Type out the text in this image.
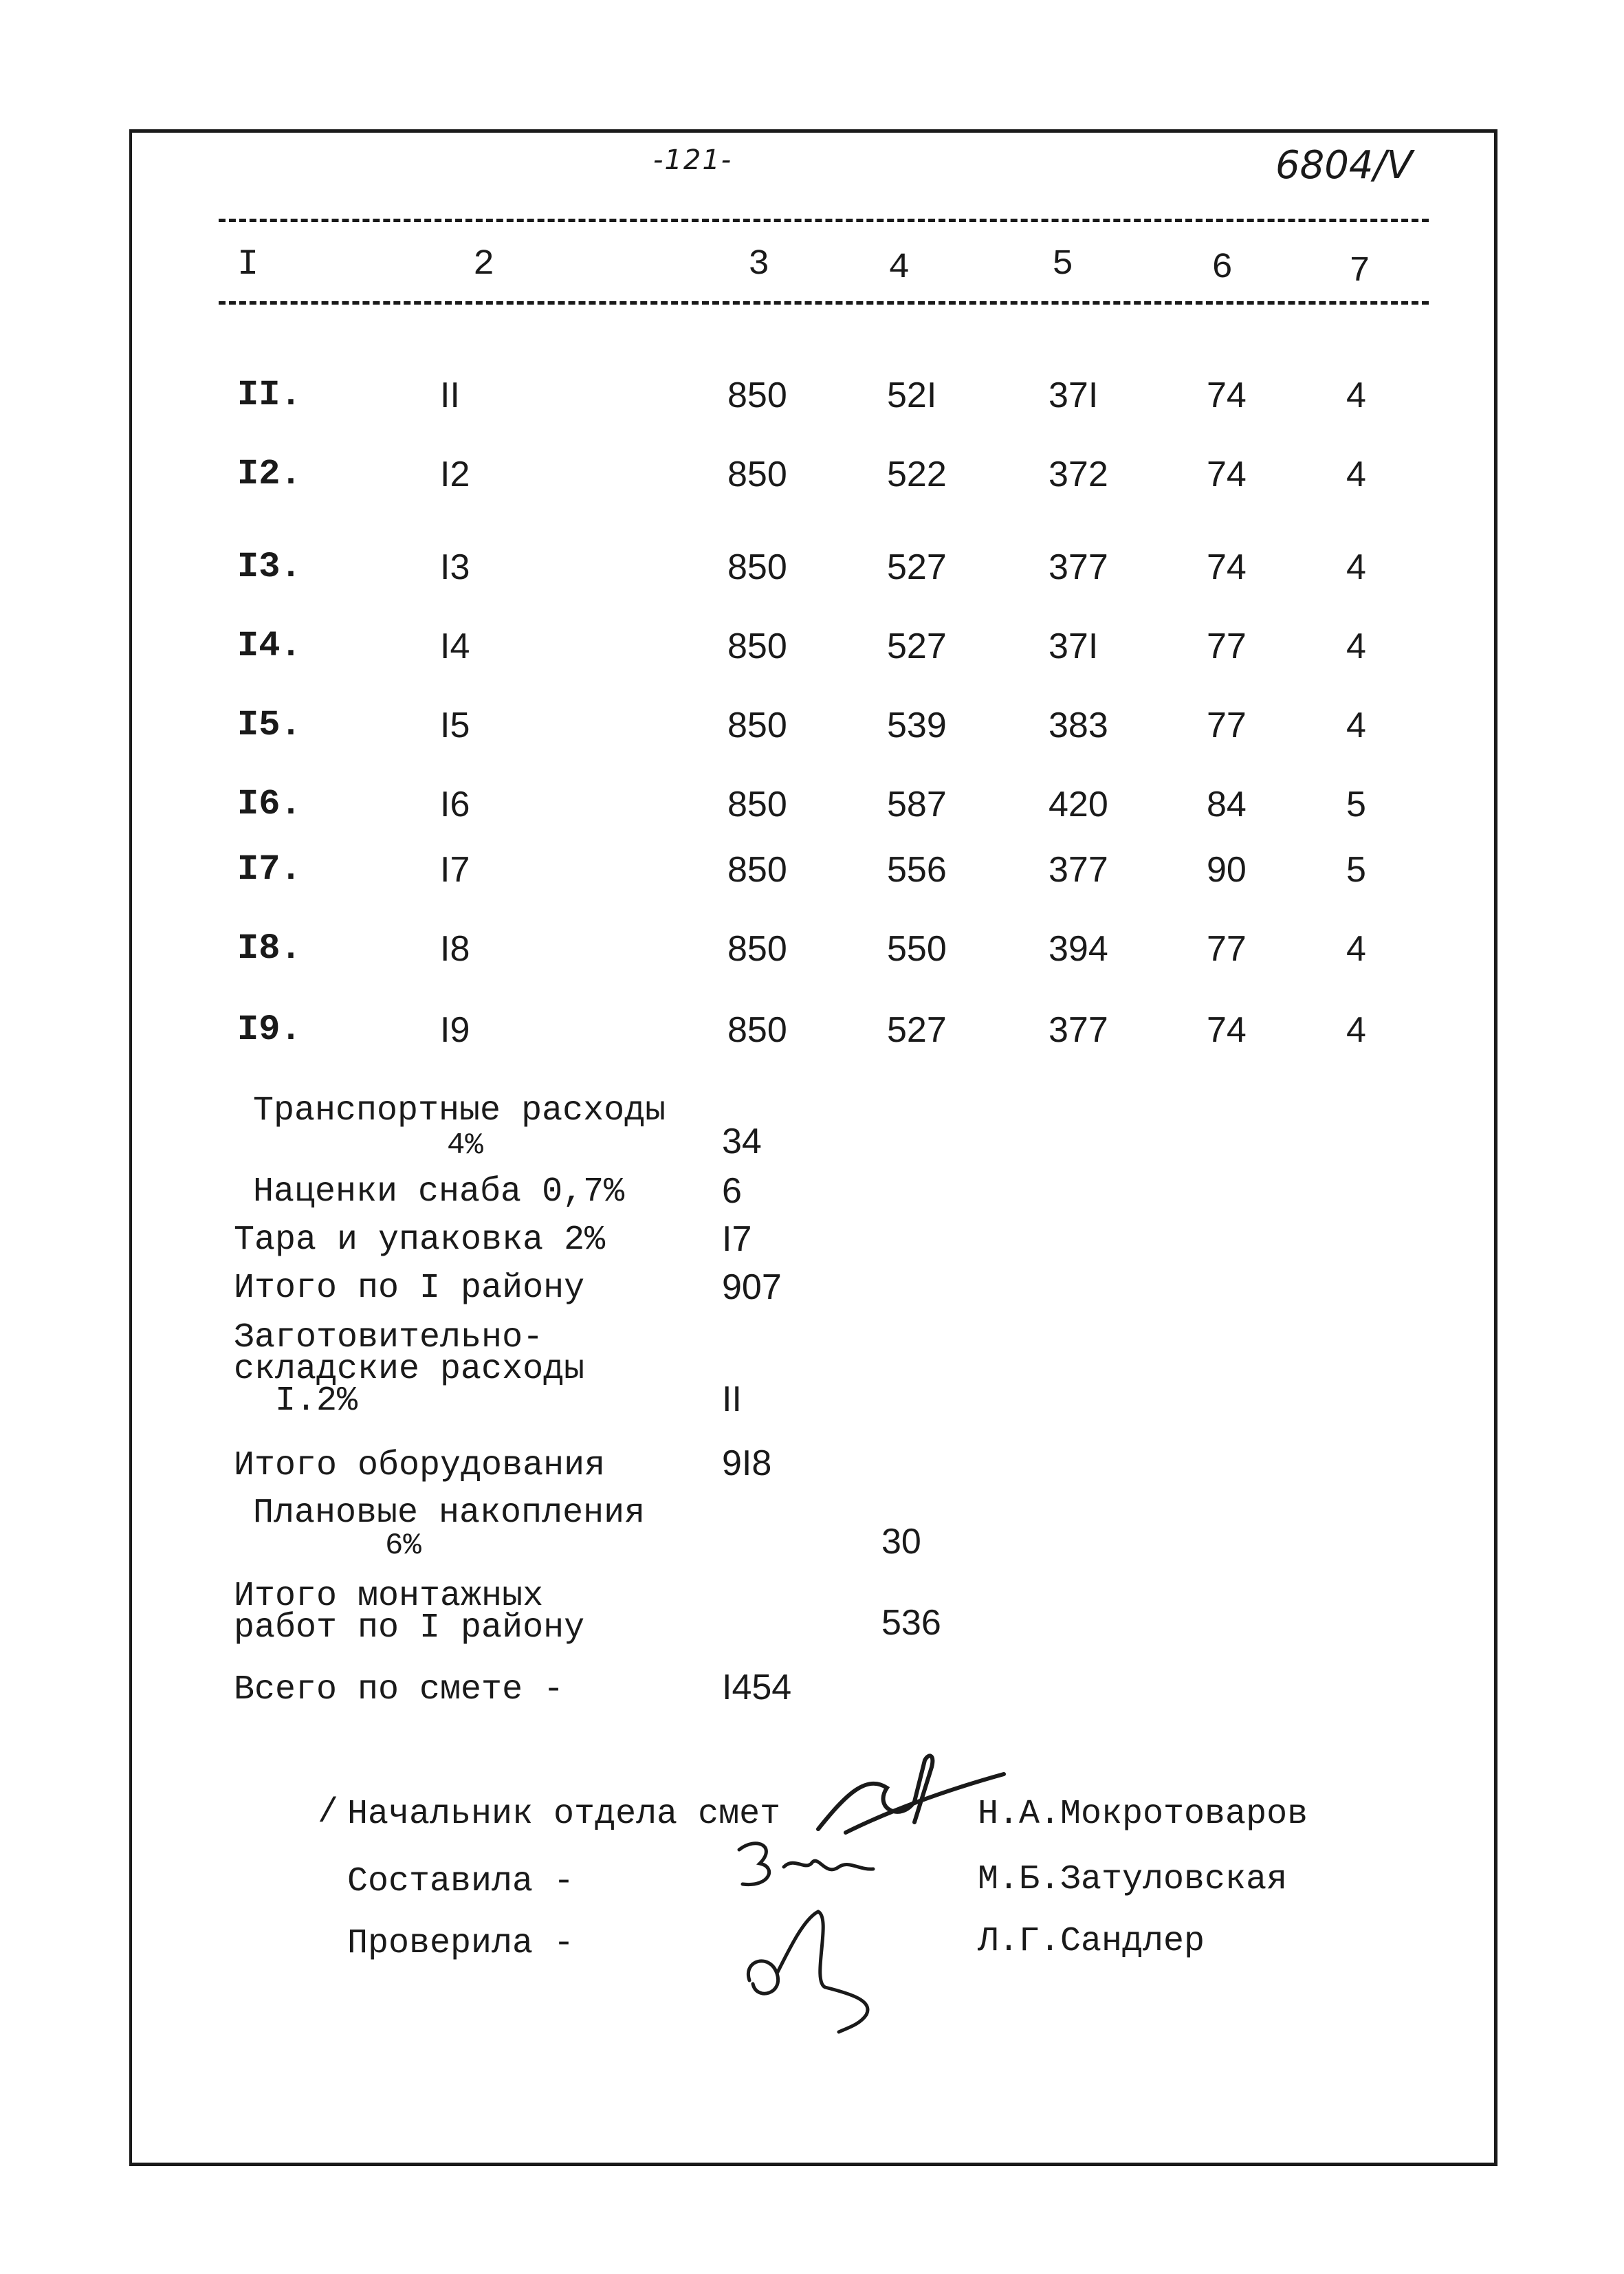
-121-	6804/V
I	2	3	4	5	6	7
II.	II	850	52I	37I	74	4
I2.	I2	850	522	372	74	4
I3.	I3	850	527	377	74	4
I4.	I4	850	527	37I	77	4
I5.	I5	850	539	383	77	4
I6.	I6	850	587	420	84	5
I7.	I7	850	556	377	90	5
I8.	I8	850	550	394	77	4
I9.	I9	850	527	377	74	4
Транспортные расходы
4%	34
Наценки снаба 0,7%	6
Тара и упаковка 2%	I7
Итого по I району	907
Заготовительно-
складские расходы
I.2%	II
Итого оборудования	9I8
Плановые накопления
6%	30
Итого монтажных
работ по I району	536
Всего по смете -	I454
/ Начальник отдела смет	Н.А.Мокротоваров
Составила -	М.Б.Затуловская
Проверила -	Л.Г.Сандлер
